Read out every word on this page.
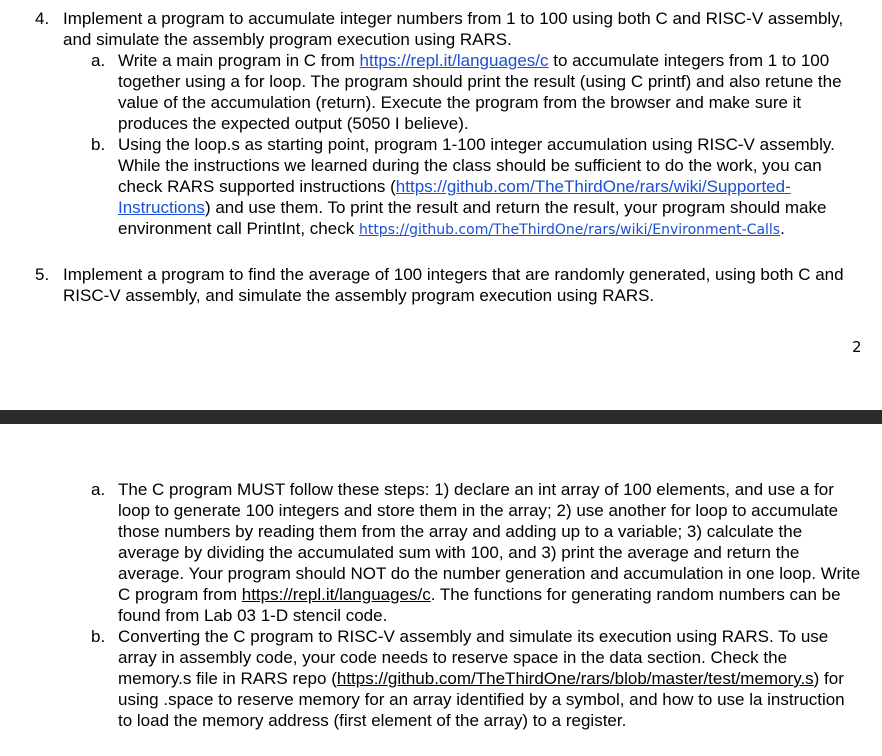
4. Implement a program to accumulate integer numbers from 1 to 100 using both C and RISC-V assembly, and simulate the assembly program execution using RARS.
a. Write a main program in C from https://repl.it/languages/c to accumulate integers from 1 to 100 together using a for loop. The program should print the result (using C printf) and also retune the value of the accumulation (return). Execute the program from the browser and make sure it produces the expected output (5050 I believe).
b. Using the loop.s as starting point, program 1-100 integer accumulation using RISC-V assembly. While the instructions we learned during the class should be sufficient to do the work, you can check RARS supported instructions (https://github.com/TheThirdOne/rars/wiki/Supported-Instructions) and use them. To print the result and return the result, your program should make environment call PrintInt, check https://github.com/TheThirdOne/rars/wiki/Environment-Calls.
5. Implement a program to find the average of 100 integers that are randomly generated, using both C and RISC-V assembly, and simulate the assembly program execution using RARS.
2
a. The C program MUST follow these steps: 1) declare an int array of 100 elements, and use a for loop to generate 100 integers and store them in the array; 2) use another for loop to accumulate those numbers by reading them from the array and adding up to a variable; 3) calculate the average by dividing the accumulated sum with 100, and 3) print the average and return the average. Your program should NOT do the number generation and accumulation in one loop. Write C program from https://repl.it/languages/c. The functions for generating random numbers can be found from Lab 03 1-D stencil code.
b. Converting the C program to RISC-V assembly and simulate its execution using RARS. To use array in assembly code, your code needs to reserve space in the data section. Check the memory.s file in RARS repo (https://github.com/TheThirdOne/rars/blob/master/test/memory.s) for using .space to reserve memory for an array identified by a symbol, and how to use la instruction to load the memory address (first element of the array) to a register.
